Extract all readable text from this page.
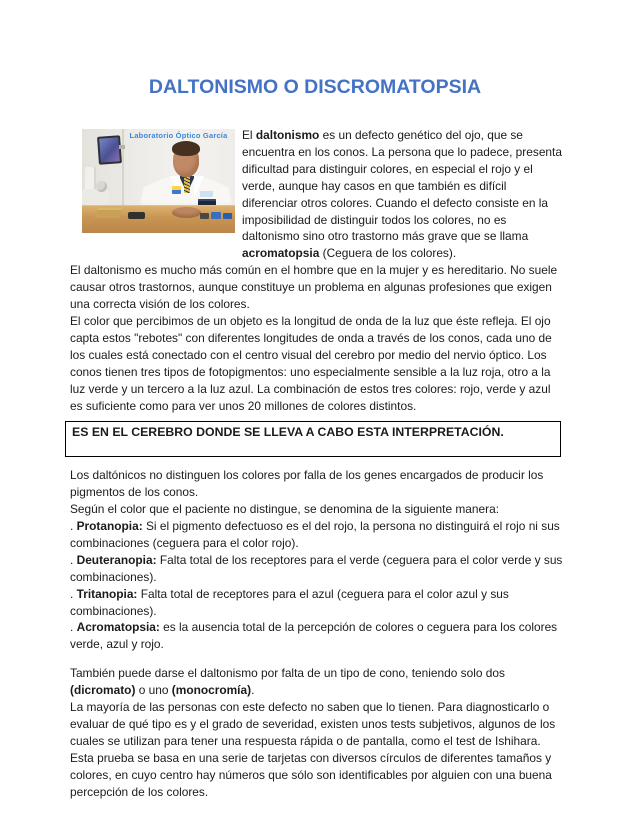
DALTONISMO O DISCROMATOPSIA
Laboratorio Óptico García	El daltonismo es un defecto genético del ojo, que se encuentra en los conos. La persona que lo padece, presenta dificultad para distinguir colores, en especial el rojo y el verde, aunque hay casos en que también es difícil diferenciar otros colores. Cuando el defecto consiste en la imposibilidad de distinguir todos los colores, no es daltonismo sino otro trastorno más grave que se llama acromatopsia (Ceguera de los colores).

El daltonismo es mucho más común en el hombre que en la mujer y es hereditario. No suele causar otros trastornos, aunque constituye un problema en algunas profesiones que exigen una correcta visión de los colores.

El color que percibimos de un objeto es la longitud de onda de la luz que éste refleja. El ojo capta estos "rebotes" con diferentes longitudes de onda a través de los conos, cada uno de los cuales está conectado con el centro visual del cerebro por medio del nervio óptico. Los conos tienen tres tipos de fotopigmentos: uno especialmente sensible a la luz roja, otro a la luz verde y un tercero a la luz azul. La combinación de estos tres colores: rojo, verde y azul es suficiente como para ver unos 20 millones de colores distintos.

ES EN EL CEREBRO DONDE SE LLEVA A CABO ESTA INTERPRETACIÓN.

Los daltónicos no distinguen los colores por falla de los genes encargados de producir los pigmentos de los conos.

Según el color que el paciente no distingue, se denomina de la siguiente manera:

. Protanopia: Si el pigmento defectuoso es el del rojo, la persona no distinguirá el rojo ni sus combinaciones (ceguera para el color rojo).

. Deuteranopia: Falta total de los receptores para el verde (ceguera para el color verde y sus combinaciones).

. Tritanopia: Falta total de receptores para el azul (ceguera para el color azul y sus combinaciones).

. Acromatopsia: es la ausencia total de la percepción de colores o ceguera para los colores verde, azul y rojo.

También puede darse el daltonismo por falta de un tipo de cono, teniendo solo dos (dicromato) o uno (monocromía).

La mayoría de las personas con este defecto no saben que lo tienen. Para diagnosticarlo o evaluar de qué tipo es y el grado de severidad, existen unos tests subjetivos, algunos de los cuales se utilizan para tener una respuesta rápida o de pantalla, como el test de Ishihara. Esta prueba se basa en una serie de tarjetas con diversos círculos de diferentes tamaños y colores, en cuyo centro hay números que sólo son identificables por alguien con una buena percepción de los colores.
